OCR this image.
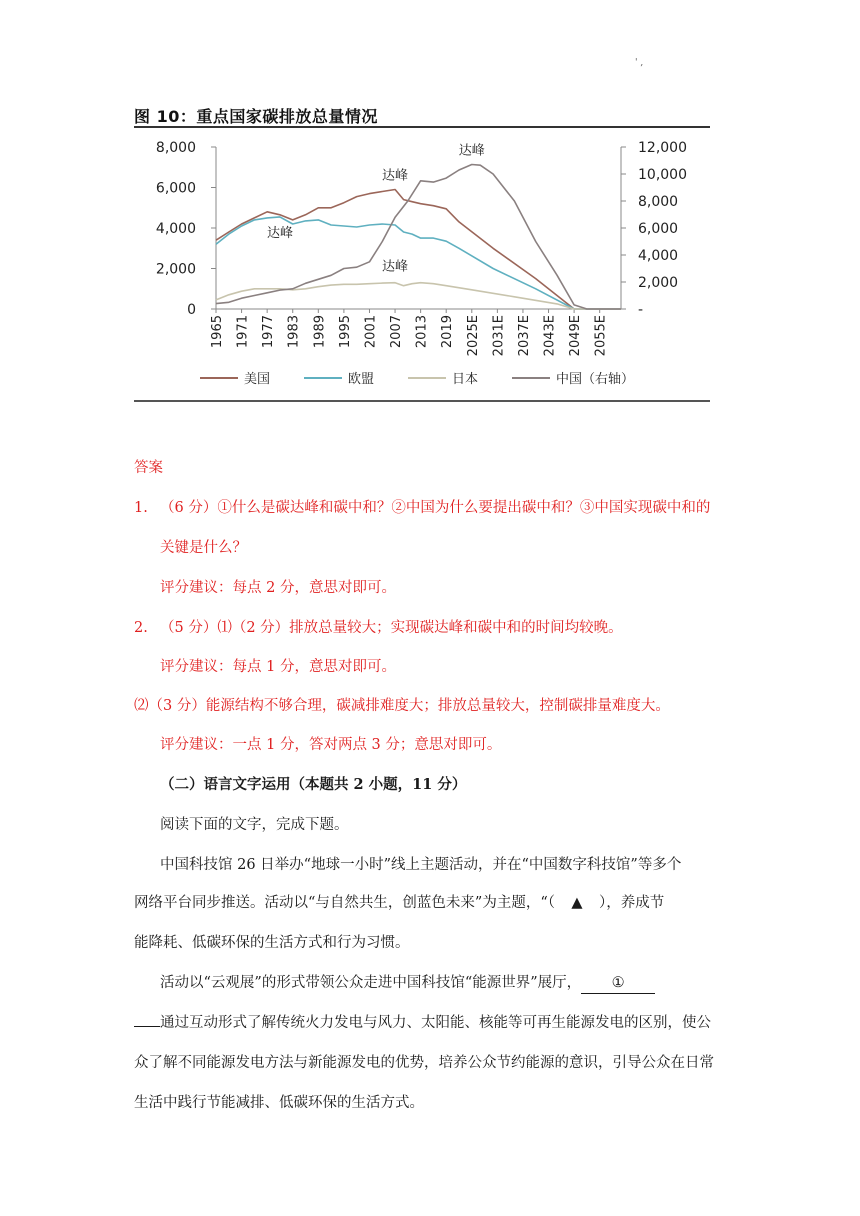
' ,
图 10：重点国家碳排放总量情况
0
2,000
4,000
6,000
8,000
-
2,000
4,000
6,000
8,000
10,000
12,000
1965 1971 1977 1983 1989 1995 2001 2007 2013 2019 2025E 2031E 2037E 2043E 2049E 2055E
达峰
达峰
达峰
达峰
美国	欧盟	日本	中国（右轴）
答案
1. （6 分）①什么是碳达峰和碳中和？②中国为什么要提出碳中和？③中国实现碳中和的
关键是什么？
评分建议：每点 2 分，意思对即可。
2. （5 分）⑴（2 分）排放总量较大；实现碳达峰和碳中和的时间均较晚。
评分建议：每点 1 分，意思对即可。
⑵（3 分）能源结构不够合理，碳减排难度大；排放总量较大，控制碳排量难度大。
评分建议：一点 1 分，答对两点 3 分；意思对即可。
（二）语言文字运用（本题共 2 小题，11 分）
阅读下面的文字，完成下题。
中国科技馆 26 日举办“地球一小时”线上主题活动，并在“中国数字科技馆”等多个
网络平台同步推送。活动以“与自然共生，创蓝色未来”为主题，“（ ▲ ），养成节
能降耗、低碳环保的生活方式和行为习惯。
活动以“云观展”的形式带领公众走进中国科技馆“能源世界”展厅， ①
通过互动形式了解传统火力发电与风力、太阳能、核能等可再生能源发电的区别，使公
众了解不同能源发电方法与新能源发电的优势，培养公众节约能源的意识，引导公众在日常
生活中践行节能减排、低碳环保的生活方式。
